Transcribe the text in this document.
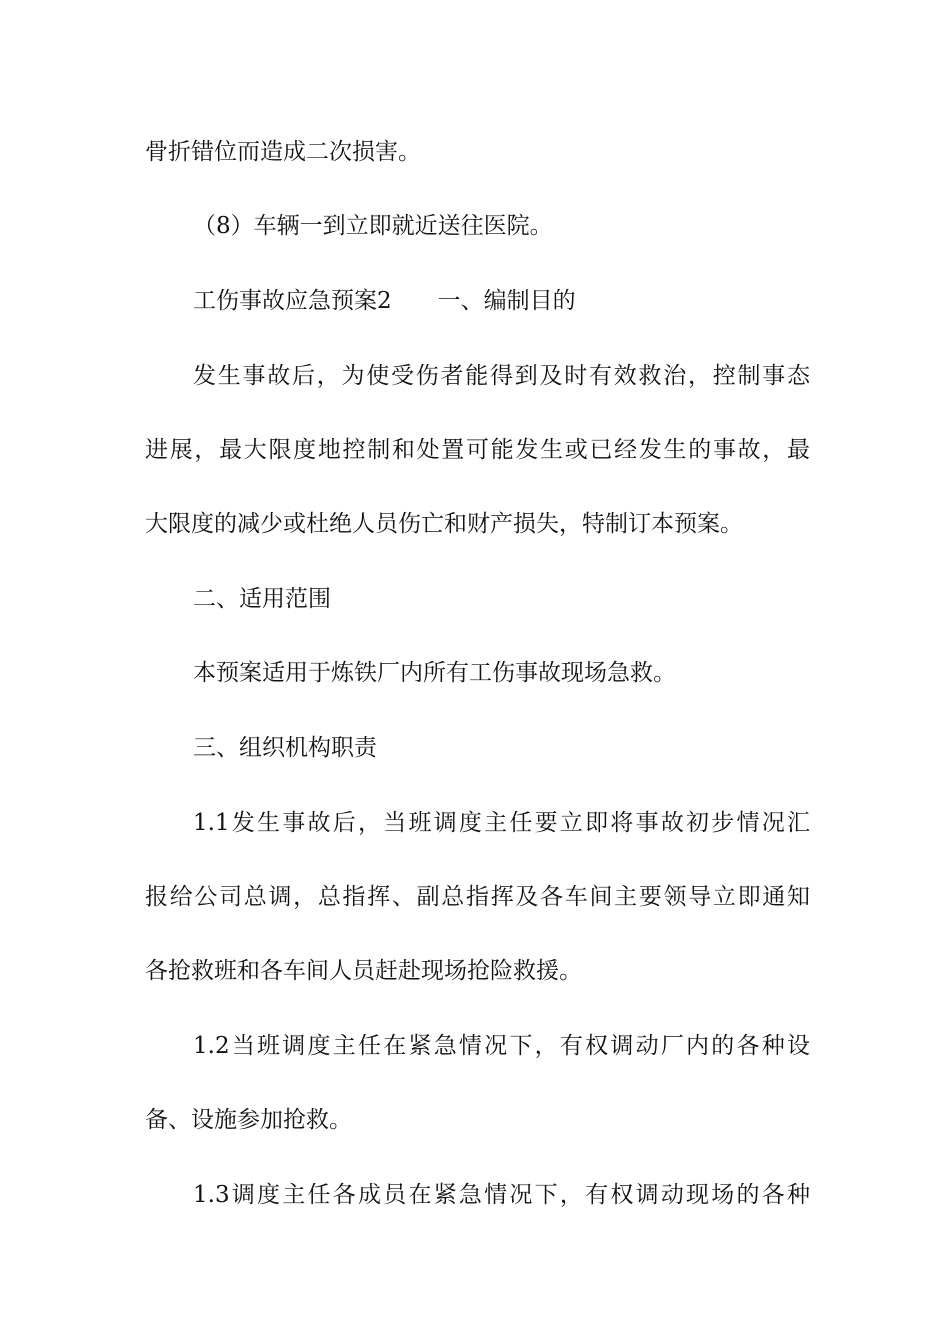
骨折错位而造成二次损害。
（8）车辆一到立即就近送往医院。
工伤事故应急预案2 一、编制目的
发生事故后，为使受伤者能得到及时有效救治，控制事态
进展，最大限度地控制和处置可能发生或已经发生的事故，最
大限度的减少或杜绝人员伤亡和财产损失，特制订本预案。
二、适用范围
本预案适用于炼铁厂内所有工伤事故现场急救。
三、组织机构职责
1.1发生事故后，当班调度主任要立即将事故初步情况汇
报给公司总调，总指挥、副总指挥及各车间主要领导立即通知
各抢救班和各车间人员赶赴现场抢险救援。
1.2当班调度主任在紧急情况下，有权调动厂内的各种设
备、设施参加抢救。
1.3调度主任各成员在紧急情况下，有权调动现场的各种
